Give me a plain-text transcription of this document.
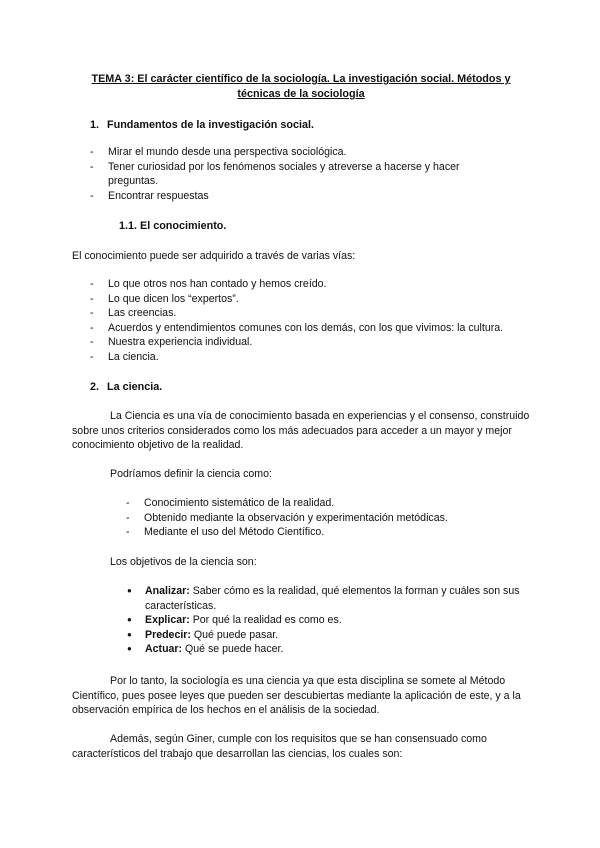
TEMA 3: El carácter científico de la sociología. La investigación social. Métodos y técnicas de la sociología
1. Fundamentos de la investigación social.
- Mirar el mundo desde una perspectiva sociológica.
- Tener curiosidad por los fenómenos sociales y atreverse a hacerse y hacer preguntas.
- Encontrar respuestas
1.1. El conocimiento.
El conocimiento puede ser adquirido a través de varias vías:
- Lo que otros nos han contado y hemos creído.
- Lo que dicen los “expertos”.
- Las creencias.
- Acuerdos y entendimientos comunes con los demás, con los que vivimos: la cultura.
- Nuestra experiencia individual.
- La ciencia.
2. La ciencia.
La Ciencia es una vía de conocimiento basada en experiencias y el consenso, construido sobre unos criterios considerados como los más adecuados para acceder a un mayor y mejor conocimiento objetivo de la realidad.
Podríamos definir la ciencia como:
- Conocimiento sistemático de la realidad.
- Obtenido mediante la observación y experimentación metódicas.
- Mediante el uso del Método Científico.
Los objetivos de la ciencia son:
● Analizar: Saber cómo es la realidad, qué elementos la forman y cuáles son sus características.
● Explicar: Por qué la realidad es como es.
● Predecir: Qué puede pasar.
● Actuar: Qué se puede hacer.
Por lo tanto, la sociología es una ciencia ya que esta disciplina se somete al Método Científico, pues posee leyes que pueden ser descubiertas mediante la aplicación de este, y a la observación empírica de los hechos en el análisis de la sociedad.
Además, según Giner, cumple con los requisitos que se han consensuado como característicos del trabajo que desarrollan las ciencias, los cuales son:
